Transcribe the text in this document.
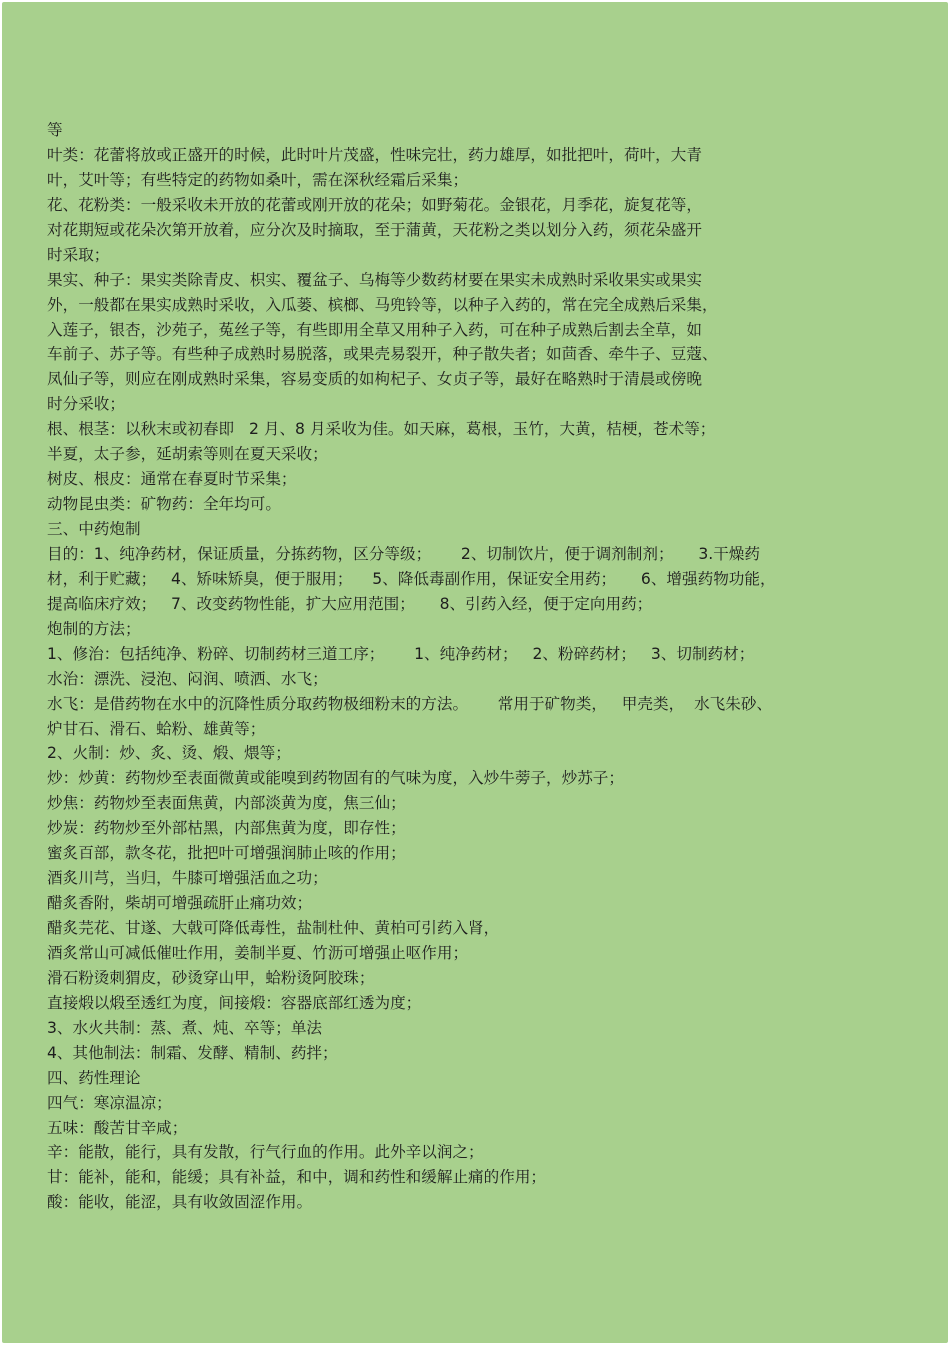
等
叶类：花蕾将放或正盛开的时候，此时叶片茂盛，性味完壮，药力雄厚，如批把叶，荷叶，大青
叶，艾叶等；有些特定的药物如桑叶，需在深秋经霜后采集；
花、花粉类：一般采收未开放的花蕾或刚开放的花朵；如野菊花。金银花，月季花，旋复花等，
对花期短或花朵次第开放着，应分次及时摘取，至于蒲黄，天花粉之类以划分入药，须花朵盛开
时采取；
果实、种子：果实类除青皮、枳实、覆盆子、乌梅等少数药材要在果实未成熟时采收果实或果实
外，一般都在果实成熟时采收，入瓜蒌、槟榔、马兜铃等，以种子入药的，常在完全成熟后采集，
入莲子，银杏，沙苑子，菟丝子等，有些即用全草又用种子入药，可在种子成熟后割去全草，如
车前子、苏子等。有些种子成熟时易脱落，或果壳易裂开，种子散失者；如茴香、牵牛子、豆蔻、
凤仙子等，则应在刚成熟时采集，容易变质的如枸杞子、女贞子等，最好在略熟时于清晨或傍晚
时分采收；
根、根茎：以秋末或初春即   2 月、8 月采收为佳。如天麻，葛根，玉竹，大黄，桔梗，苍术等；
半夏，太子参，延胡索等则在夏天采收；
树皮、根皮：通常在春夏时节采集；
动物昆虫类：矿物药：全年均可。
三、中药炮制
目的：1、纯净药材，保证质量，分拣药物，区分等级；      2、切制饮片，便于调剂制剂；     3.干燥药
材，利于贮藏；   4、矫味矫臭，便于服用；    5、降低毒副作用，保证安全用药；     6、增强药物功能，
提高临床疗效；   7、改变药物性能，扩大应用范围；     8、引药入经，便于定向用药；
炮制的方法；
1、修治：包括纯净、粉碎、切制药材三道工序；      1、纯净药材；   2、粉碎药材；   3、切制药材；
水治：漂洗、浸泡、闷润、喷洒、水飞；
水飞：是借药物在水中的沉降性质分取药物极细粉末的方法。      常用于矿物类，   甲壳类，  水飞朱砂、
炉甘石、滑石、蛤粉、雄黄等；
2、火制：炒、炙、烫、煅、煨等；
炒：炒黄：药物炒至表面微黄或能嗅到药物固有的气味为度，入炒牛蒡子，炒苏子；
炒焦：药物炒至表面焦黄，内部淡黄为度，焦三仙；
炒炭：药物炒至外部枯黑，内部焦黄为度，即存性；
蜜炙百部，款冬花，批把叶可增强润肺止咳的作用；
酒炙川芎，当归，牛膝可增强活血之功；
醋炙香附，柴胡可增强疏肝止痛功效；
醋炙芫花、甘遂、大戟可降低毒性，盐制杜仲、黄柏可引药入肾，
酒炙常山可减低催吐作用，姜制半夏、竹沥可增强止呕作用；
滑石粉烫刺猬皮，砂烫穿山甲，蛤粉烫阿胶珠；
直接煅以煅至透红为度，间接煅：容器底部红透为度；
3、水火共制：蒸、煮、炖、卒等；单法
4、其他制法：制霜、发酵、精制、药拌；
四、药性理论
四气：寒凉温凉；
五味：酸苦甘辛咸；
辛：能散，能行，具有发散，行气行血的作用。此外辛以润之；
甘：能补，能和，能缓；具有补益，和中，调和药性和缓解止痛的作用；
酸：能收，能涩，具有收敛固涩作用。
